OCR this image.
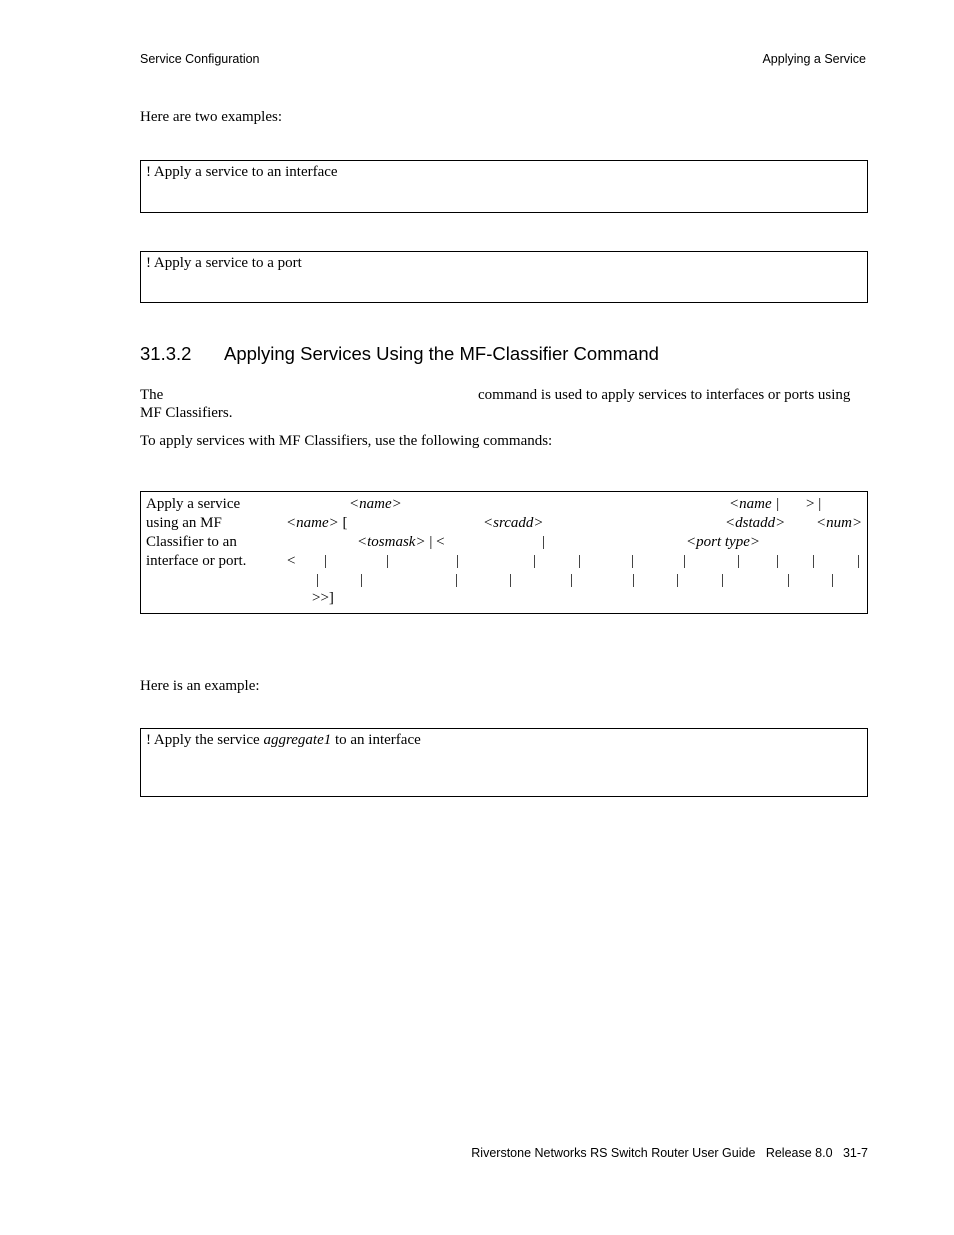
Service Configuration	Applying a Service
Here are two examples:
! Apply a service to an interface
! Apply a service to a port
31.3.2 Applying Services Using the MF-Classifier Command
The	command is used to apply services to interfaces or ports using
MF Classifiers.
To apply services with MF Classifiers, use the following commands:
Apply a service
using an MF
Classifier to an
interface or port.
<name>	<name | > |
<name> [	<srcadd>	<dstadd> <num>
<tosmask> | <	|	<port type>
< |	|	|	|	|	|	|	| | |	|
|	|	|	|	|	|	|	|	|	|
>>]
Here is an example:
! Apply the service aggregate1 to an interface
Riverstone Networks RS Switch Router User Guide Release 8.0 31-7
